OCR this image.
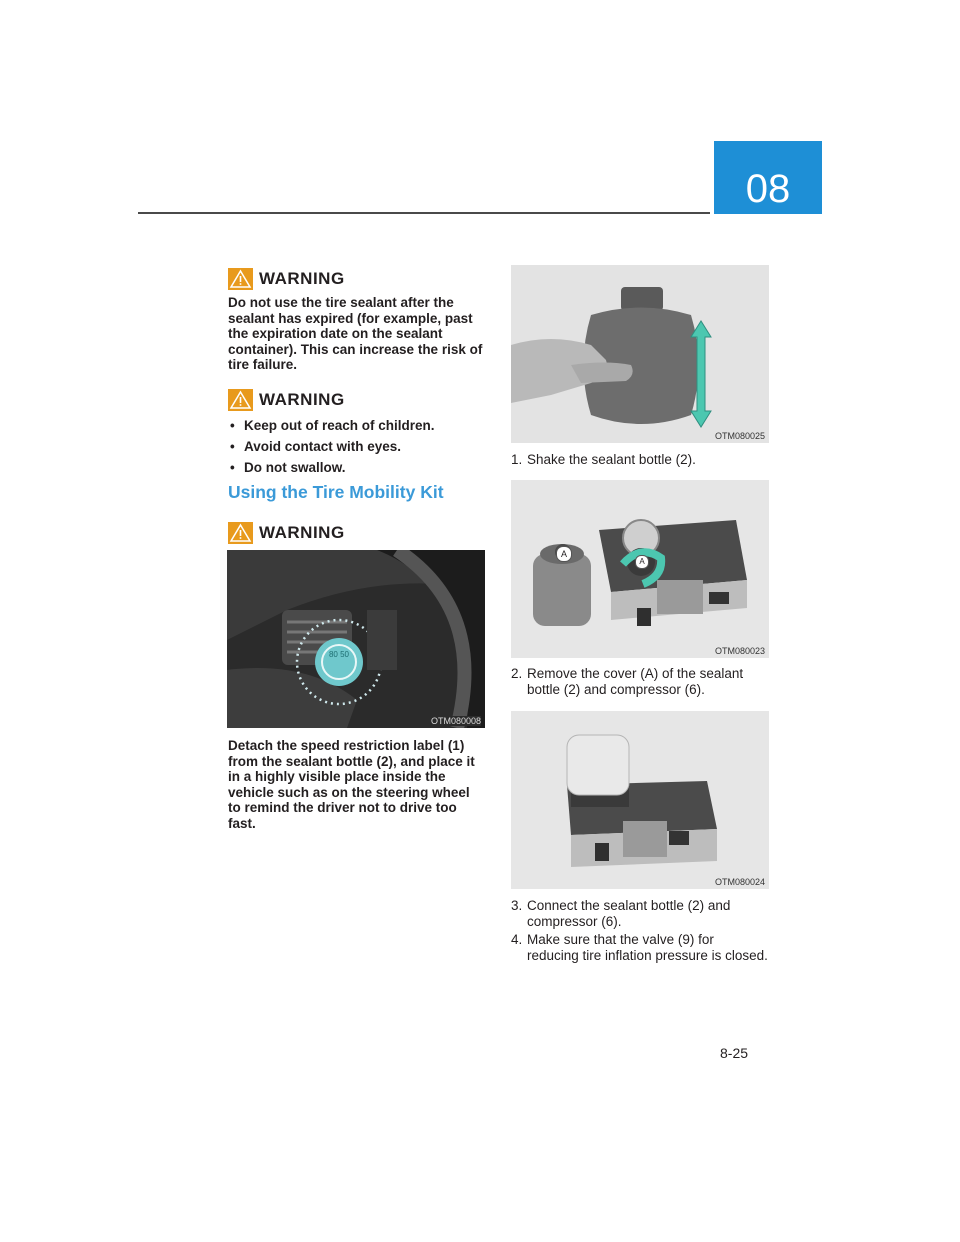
08
WARNING
Do not use the tire sealant after the sealant has expired (for example, past the expiration date on the sealant container). This can increase the risk of tire failure.
WARNING
• Keep out of reach of children.
• Avoid contact with eyes.
• Do not swallow.
Using the Tire Mobility Kit
WARNING
80 50
OTM080008
Detach the speed restriction label (1) from the sealant bottle (2), and place it in a highly visible place inside the vehicle such as on the steering wheel to remind the driver not to drive too fast.
OTM080025
1. Shake the sealant bottle (2).
A
A
OTM080023
2. Remove the cover (A) of the sealant bottle (2) and compressor (6).
OTM080024
3. Connect the sealant bottle (2) and compressor (6).
4. Make sure that the valve (9) for reducing tire inflation pressure is closed.
8-25
